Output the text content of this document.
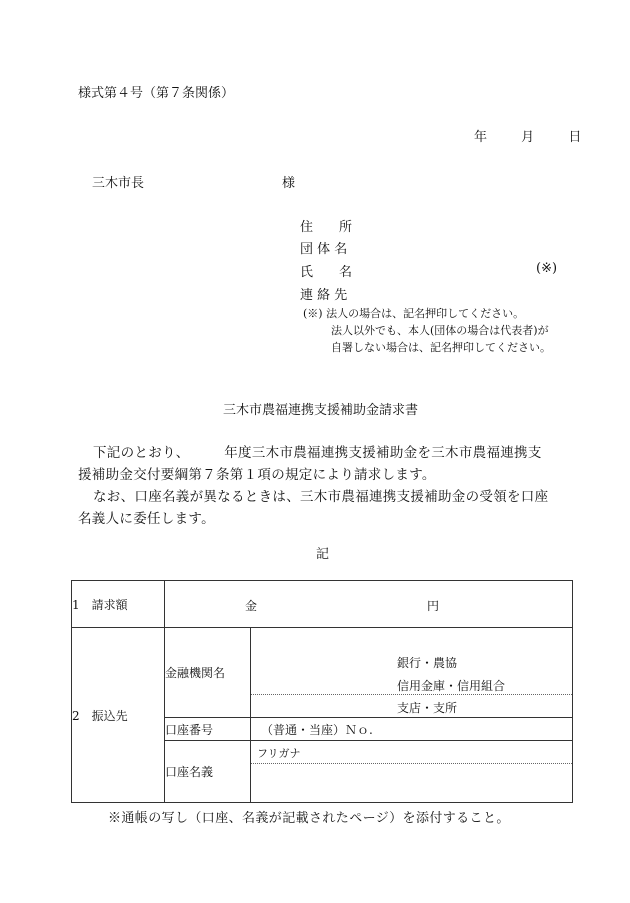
様式第４号（第７条関係）
年	月	日
三木市長	様
住　　所
団 体 名
氏　　名	(※)
連 絡 先
(※) 法人の場合は、記名押印してください。
法人以外でも、本人(団体の場合は代表者)が
自署しない場合は、記名押印してください。
三木市農福連携支援補助金請求書
下記のとおり、　　　年度三木市農福連携支援補助金を三木市農福連携支
援補助金交付要綱第７条第１項の規定により請求します。
なお、口座名義が異なるときは、三木市農福連携支援補助金の受領を口座
名義人に委任します。
記
1　請求額	金 円	

2　振込先	金融機関名	銀行・農協
信用金庫・信用組合
支店・支所

	口座番号	（普通・当座）Ｎｏ.
	口座名義	フリガナ
※通帳の写し（口座、名義が記載されたページ）を添付すること。
